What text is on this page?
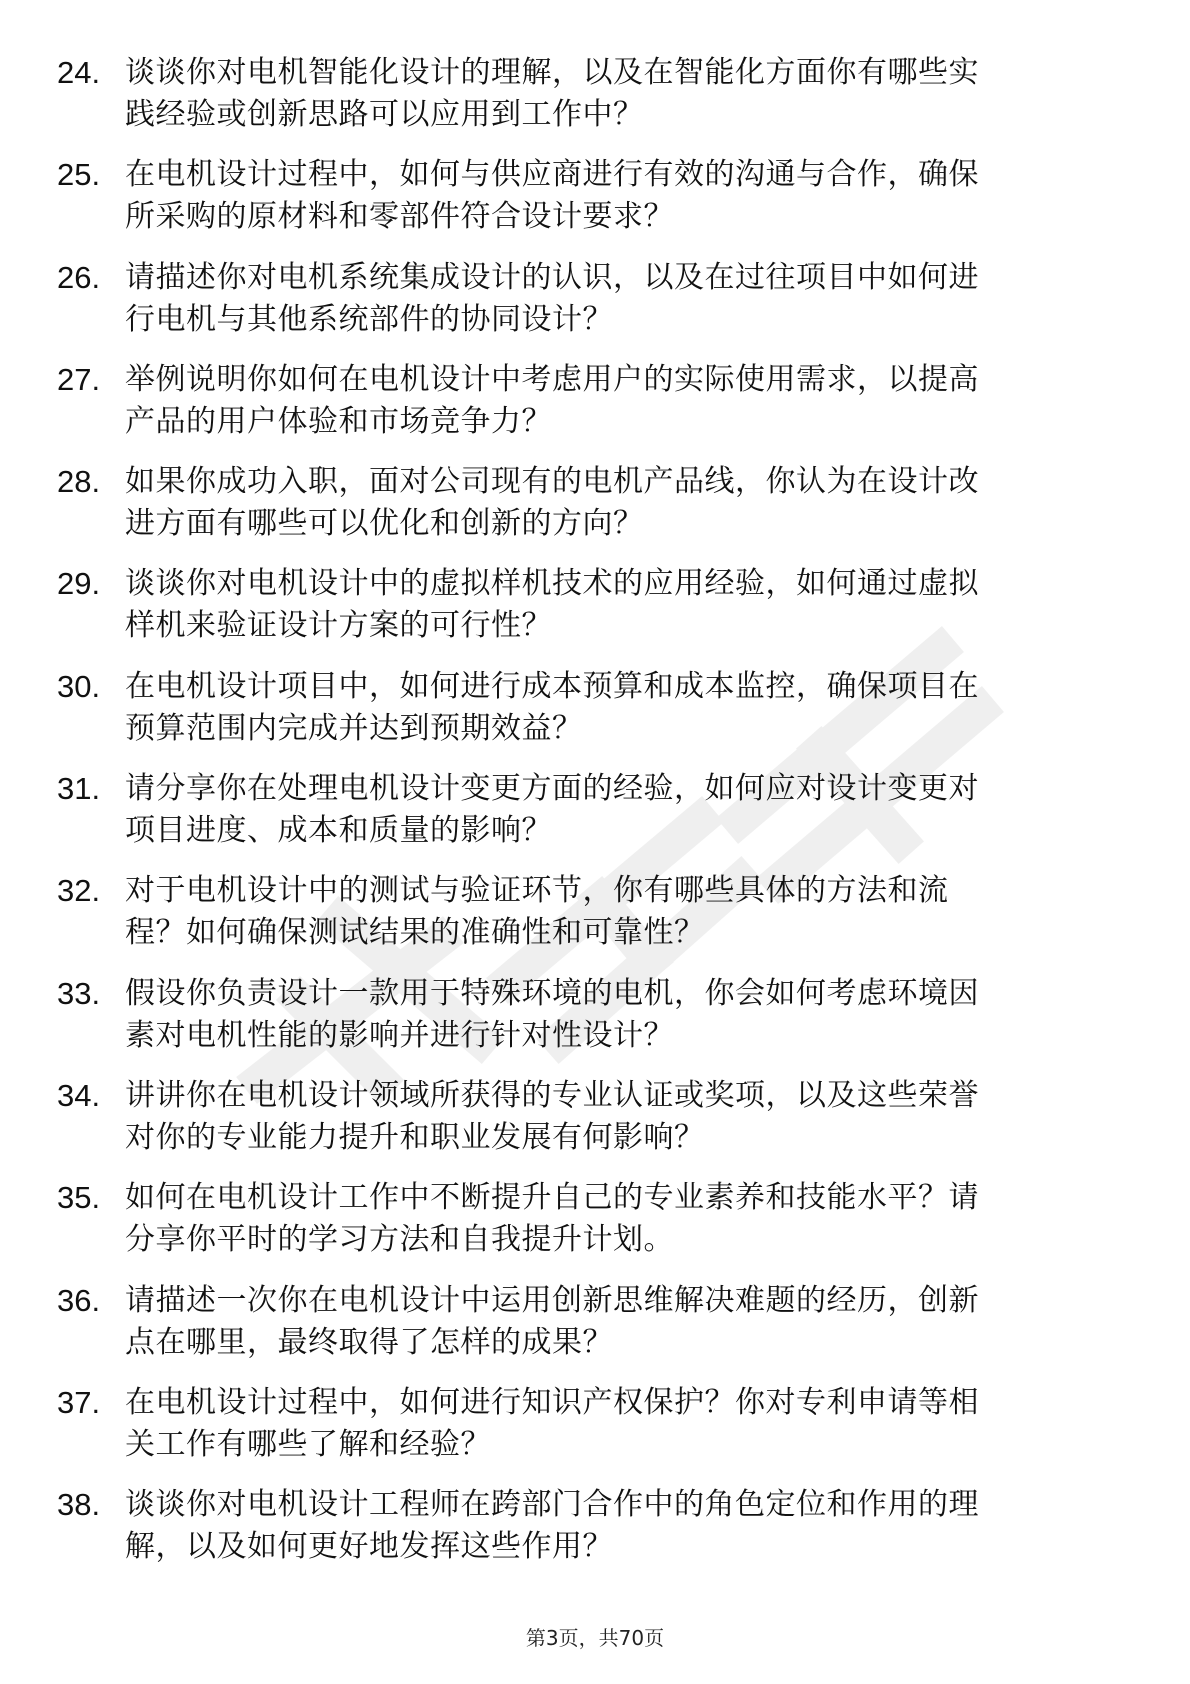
24. 谈谈你对电机智能化设计的理解，以及在智能化方面你有哪些实
践经验或创新思路可以应用到工作中？
25. 在电机设计过程中，如何与供应商进行有效的沟通与合作，确保
所采购的原材料和零部件符合设计要求？
26. 请描述你对电机系统集成设计的认识，以及在过往项目中如何进
行电机与其他系统部件的协同设计？
27. 举例说明你如何在电机设计中考虑用户的实际使用需求，以提高
产品的用户体验和市场竞争力？
28. 如果你成功入职，面对公司现有的电机产品线，你认为在设计改
进方面有哪些可以优化和创新的方向？
29. 谈谈你对电机设计中的虚拟样机技术的应用经验，如何通过虚拟
样机来验证设计方案的可行性？
30. 在电机设计项目中，如何进行成本预算和成本监控，确保项目在
预算范围内完成并达到预期效益？
31. 请分享你在处理电机设计变更方面的经验，如何应对设计变更对
项目进度、成本和质量的影响？
32. 对于电机设计中的测试与验证环节，你有哪些具体的方法和流
程？如何确保测试结果的准确性和可靠性？
33. 假设你负责设计一款用于特殊环境的电机，你会如何考虑环境因
素对电机性能的影响并进行针对性设计？
34. 讲讲你在电机设计领域所获得的专业认证或奖项，以及这些荣誉
对你的专业能力提升和职业发展有何影响？
35. 如何在电机设计工作中不断提升自己的专业素养和技能水平？请
分享你平时的学习方法和自我提升计划。
36. 请描述一次你在电机设计中运用创新思维解决难题的经历，创新
点在哪里，最终取得了怎样的成果？
37. 在电机设计过程中，如何进行知识产权保护？你对专利申请等相
关工作有哪些了解和经验？
38. 谈谈你对电机设计工程师在跨部门合作中的角色定位和作用的理
解，以及如何更好地发挥这些作用？
第3页，共70页
